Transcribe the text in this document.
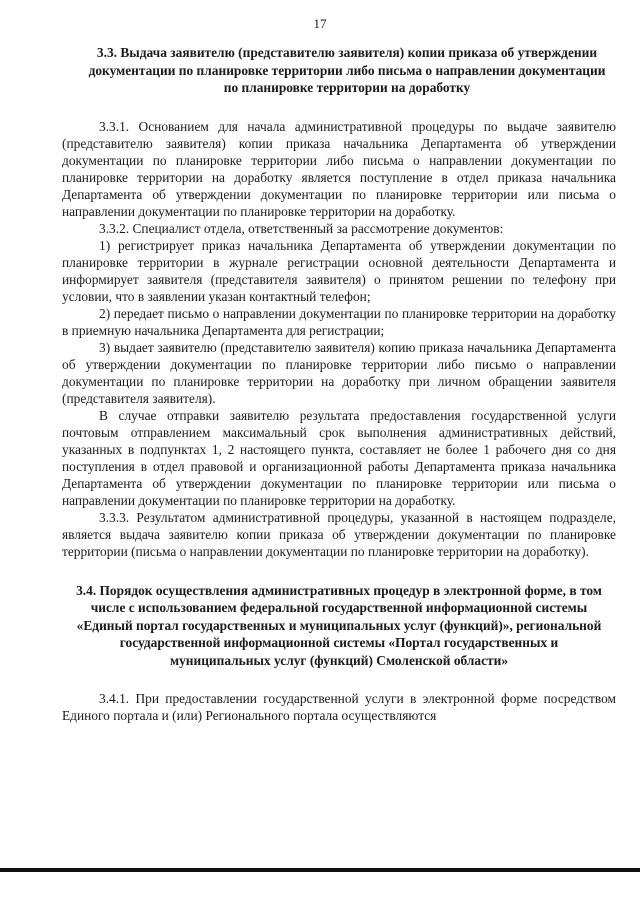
17
3.3. Выдача заявителю (представителю заявителя) копии приказа об утверждении документации по планировке территории либо письма о направлении документации по планировке территории на доработку

3.3.1. Основанием для начала административной процедуры по выдаче заявителю (представителю заявителя) копии приказа начальника Департамента об утверждении документации по планировке территории либо письма о направлении документации по планировке территории на доработку является поступление в отдел приказа начальника Департамента об утверждении документации по планировке территории или письма о направлении документации по планировке территории на доработку.

3.3.2. Специалист отдела, ответственный за рассмотрение документов:

1) регистрирует приказ начальника Департамента об утверждении документации по планировке территории в журнале регистрации основной деятельности Департамента и информирует заявителя (представителя заявителя) о принятом решении по телефону при условии, что в заявлении указан контактный телефон;

2) передает письмо о направлении документации по планировке территории на доработку в приемную начальника Департамента для регистрации;

3) выдает заявителю (представителю заявителя) копию приказа начальника Департамента об утверждении документации по планировке территории либо письмо о направлении документации по планировке территории на доработку при личном обращении заявителя (представителя заявителя).

В случае отправки заявителю результата предоставления государственной услуги почтовым отправлением максимальный срок выполнения административных действий, указанных в подпунктах 1, 2 настоящего пункта, составляет не более 1 рабочего дня со дня поступления в отдел правовой и организационной работы Департамента приказа начальника Департамента об утверждении документации по планировке территории или письма о направлении документации по планировке территории на доработку.

3.3.3. Результатом административной процедуры, указанной в настоящем подразделе, является выдача заявителю копии приказа об утверждении документации по планировке территории (письма о направлении документации по планировке территории на доработку).

3.4. Порядок осуществления административных процедур в электронной форме, в том числе с использованием федеральной государственной информационной системы «Единый портал государственных и муниципальных услуг (функций)», региональной государственной информационной системы «Портал государственных и муниципальных услуг (функций) Смоленской области»

3.4.1. При предоставлении государственной услуги в электронной форме посредством Единого портала и (или) Регионального портала осуществляются
